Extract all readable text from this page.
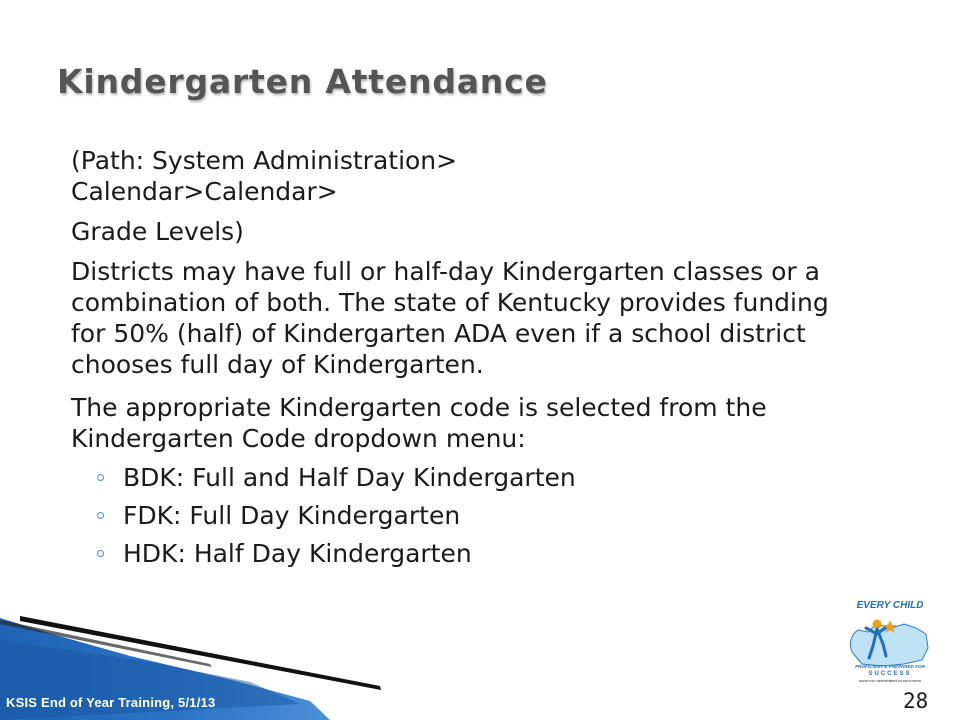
Kindergarten Attendance

(Path: System Administration>
Calendar>Calendar>
Grade Levels)

Districts may have full or half-day Kindergarten classes or a combination of both. The state of Kentucky provides funding for 50% (half) of Kindergarten ADA even if a school district chooses full day of Kindergarten.

The appropriate Kindergarten code is selected from the Kindergarten Code dropdown menu:

BDK: Full and Half Day Kindergarten
FDK: Full Day Kindergarten
HDK: Half Day Kindergarten
KSIS End of Year Training, 5/1/13	28
EVERY CHILD
PROFICIENT & PREPARED FOR
SUCCESS
KENTUCKY DEPARTMENT OF EDUCATION
